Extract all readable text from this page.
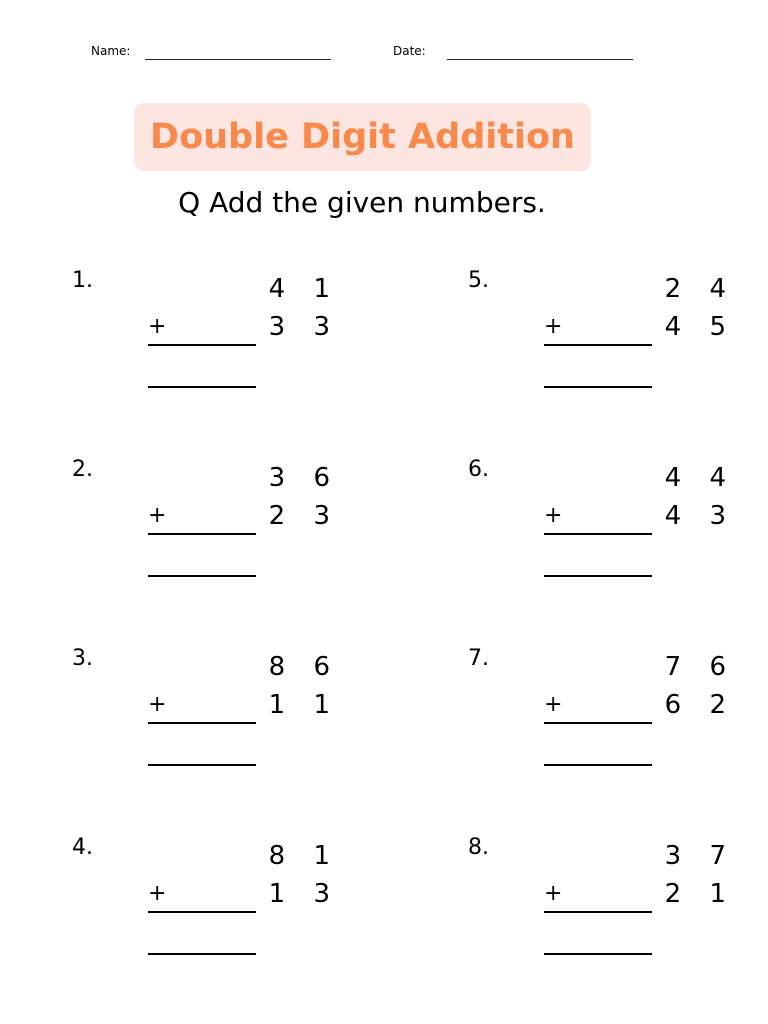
Name:	Date:
Double Digit Addition
Q Add the given numbers.
1.	4 1
+	3 3
2.	3 6
+	2 3
3.	8 6
+	1 1
4.	8 1
+	1 3
5.	2 4
+	4 5
6.	4 4
+	4 3
7.	7 6
+	6 2
8.	3 7
+	2 1
